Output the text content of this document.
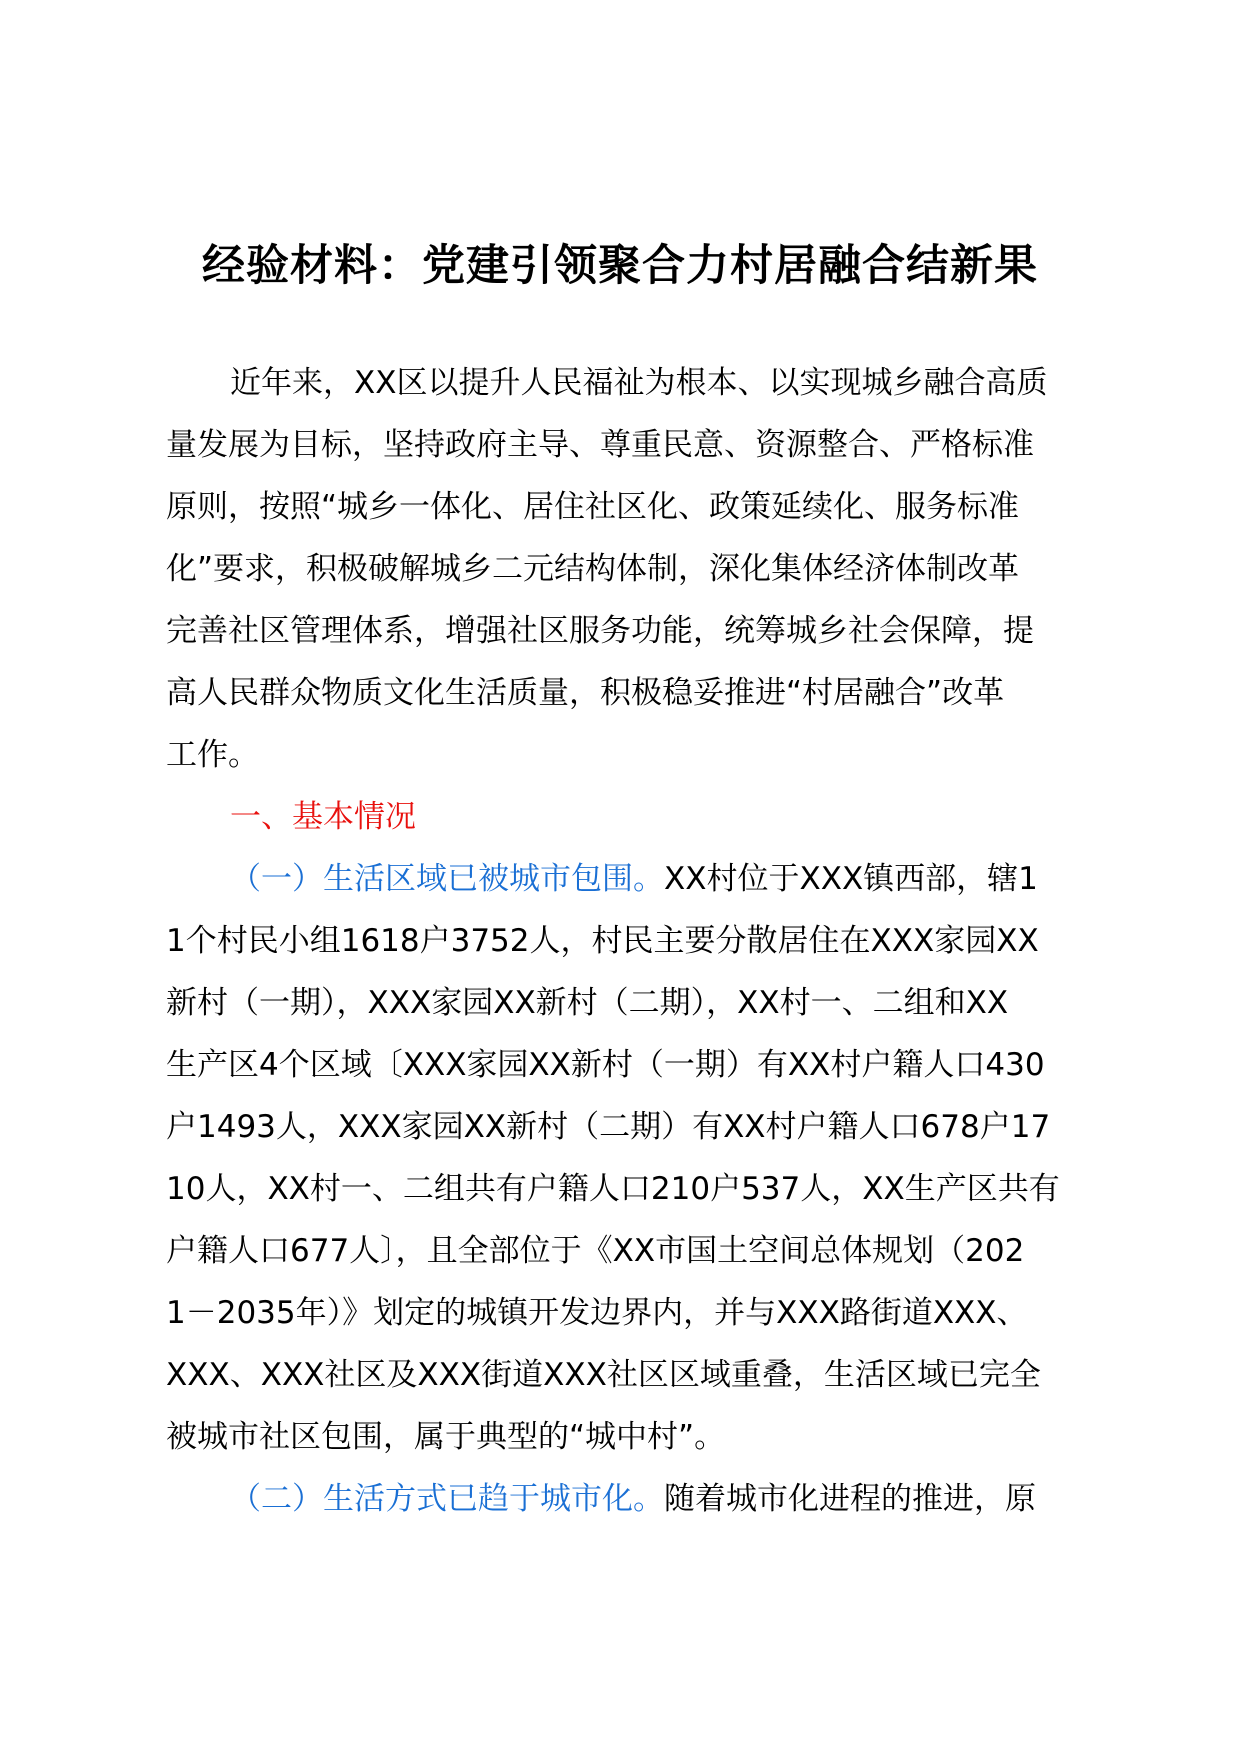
经验材料：党建引领聚合力村居融合结新果
近年来，XX区以提升人民福祉为根本、以实现城乡融合高质
量发展为目标，坚持政府主导、尊重民意、资源整合、严格标准
原则，按照“城乡一体化、居住社区化、政策延续化、服务标准
化”要求，积极破解城乡二元结构体制，深化集体经济体制改革
完善社区管理体系，增强社区服务功能，统筹城乡社会保障，提
高人民群众物质文化生活质量，积极稳妥推进“村居融合”改革
工作。
一、基本情况
（一）生活区域已被城市包围。XX村位于XXX镇西部，辖1
1个村民小组1618户3752人，村民主要分散居住在XXX家园XX
新村（一期），XXX家园XX新村（二期），XX村一、二组和XX
生产区4个区域〔XXX家园XX新村（一期）有XX村户籍人口430
户1493人，XXX家园XX新村（二期）有XX村户籍人口678户17
10人，XX村一、二组共有户籍人口210户537人，XX生产区共有
户籍人口677人〕，且全部位于《XX市国土空间总体规划（202
1－2035年）》划定的城镇开发边界内，并与XXX路街道XXX、
XXX、XXX社区及XXX街道XXX社区区域重叠，生活区域已完全
被城市社区包围，属于典型的“城中村”。
（二）生活方式已趋于城市化。随着城市化进程的推进，原
